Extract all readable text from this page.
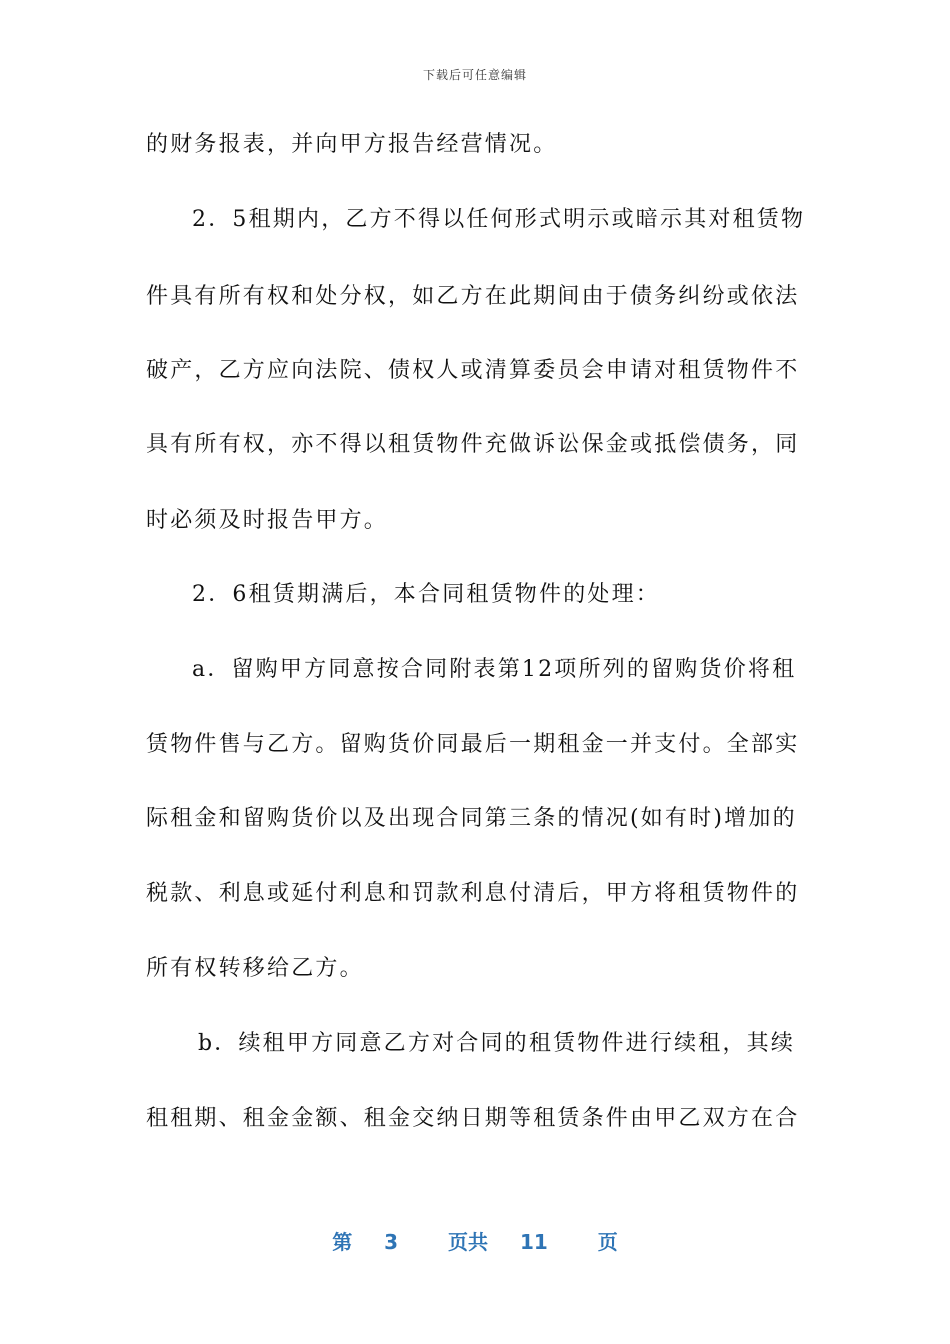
下载后可任意编辑
的财务报表，并向甲方报告经营情况。
2．5租期内，乙方不得以任何形式明示或暗示其对租赁物
件具有所有权和处分权，如乙方在此期间由于债务纠纷或依法
破产，乙方应向法院、债权人或清算委员会申请对租赁物件不
具有所有权，亦不得以租赁物件充做诉讼保金或抵偿债务，同
时必须及时报告甲方。
2．6租赁期满后，本合同租赁物件的处理：
a．留购甲方同意按合同附表第12项所列的留购货价将租
赁物件售与乙方。留购货价同最后一期租金一并支付。全部实
际租金和留购货价以及出现合同第三条的情况(如有时)增加的
税款、利息或延付利息和罚款利息付清后，甲方将租赁物件的
所有权转移给乙方。
b．续租甲方同意乙方对合同的租赁物件进行续租，其续
租租期、租金金额、租金交纳日期等租赁条件由甲乙双方在合
第 3 页共 11 页
